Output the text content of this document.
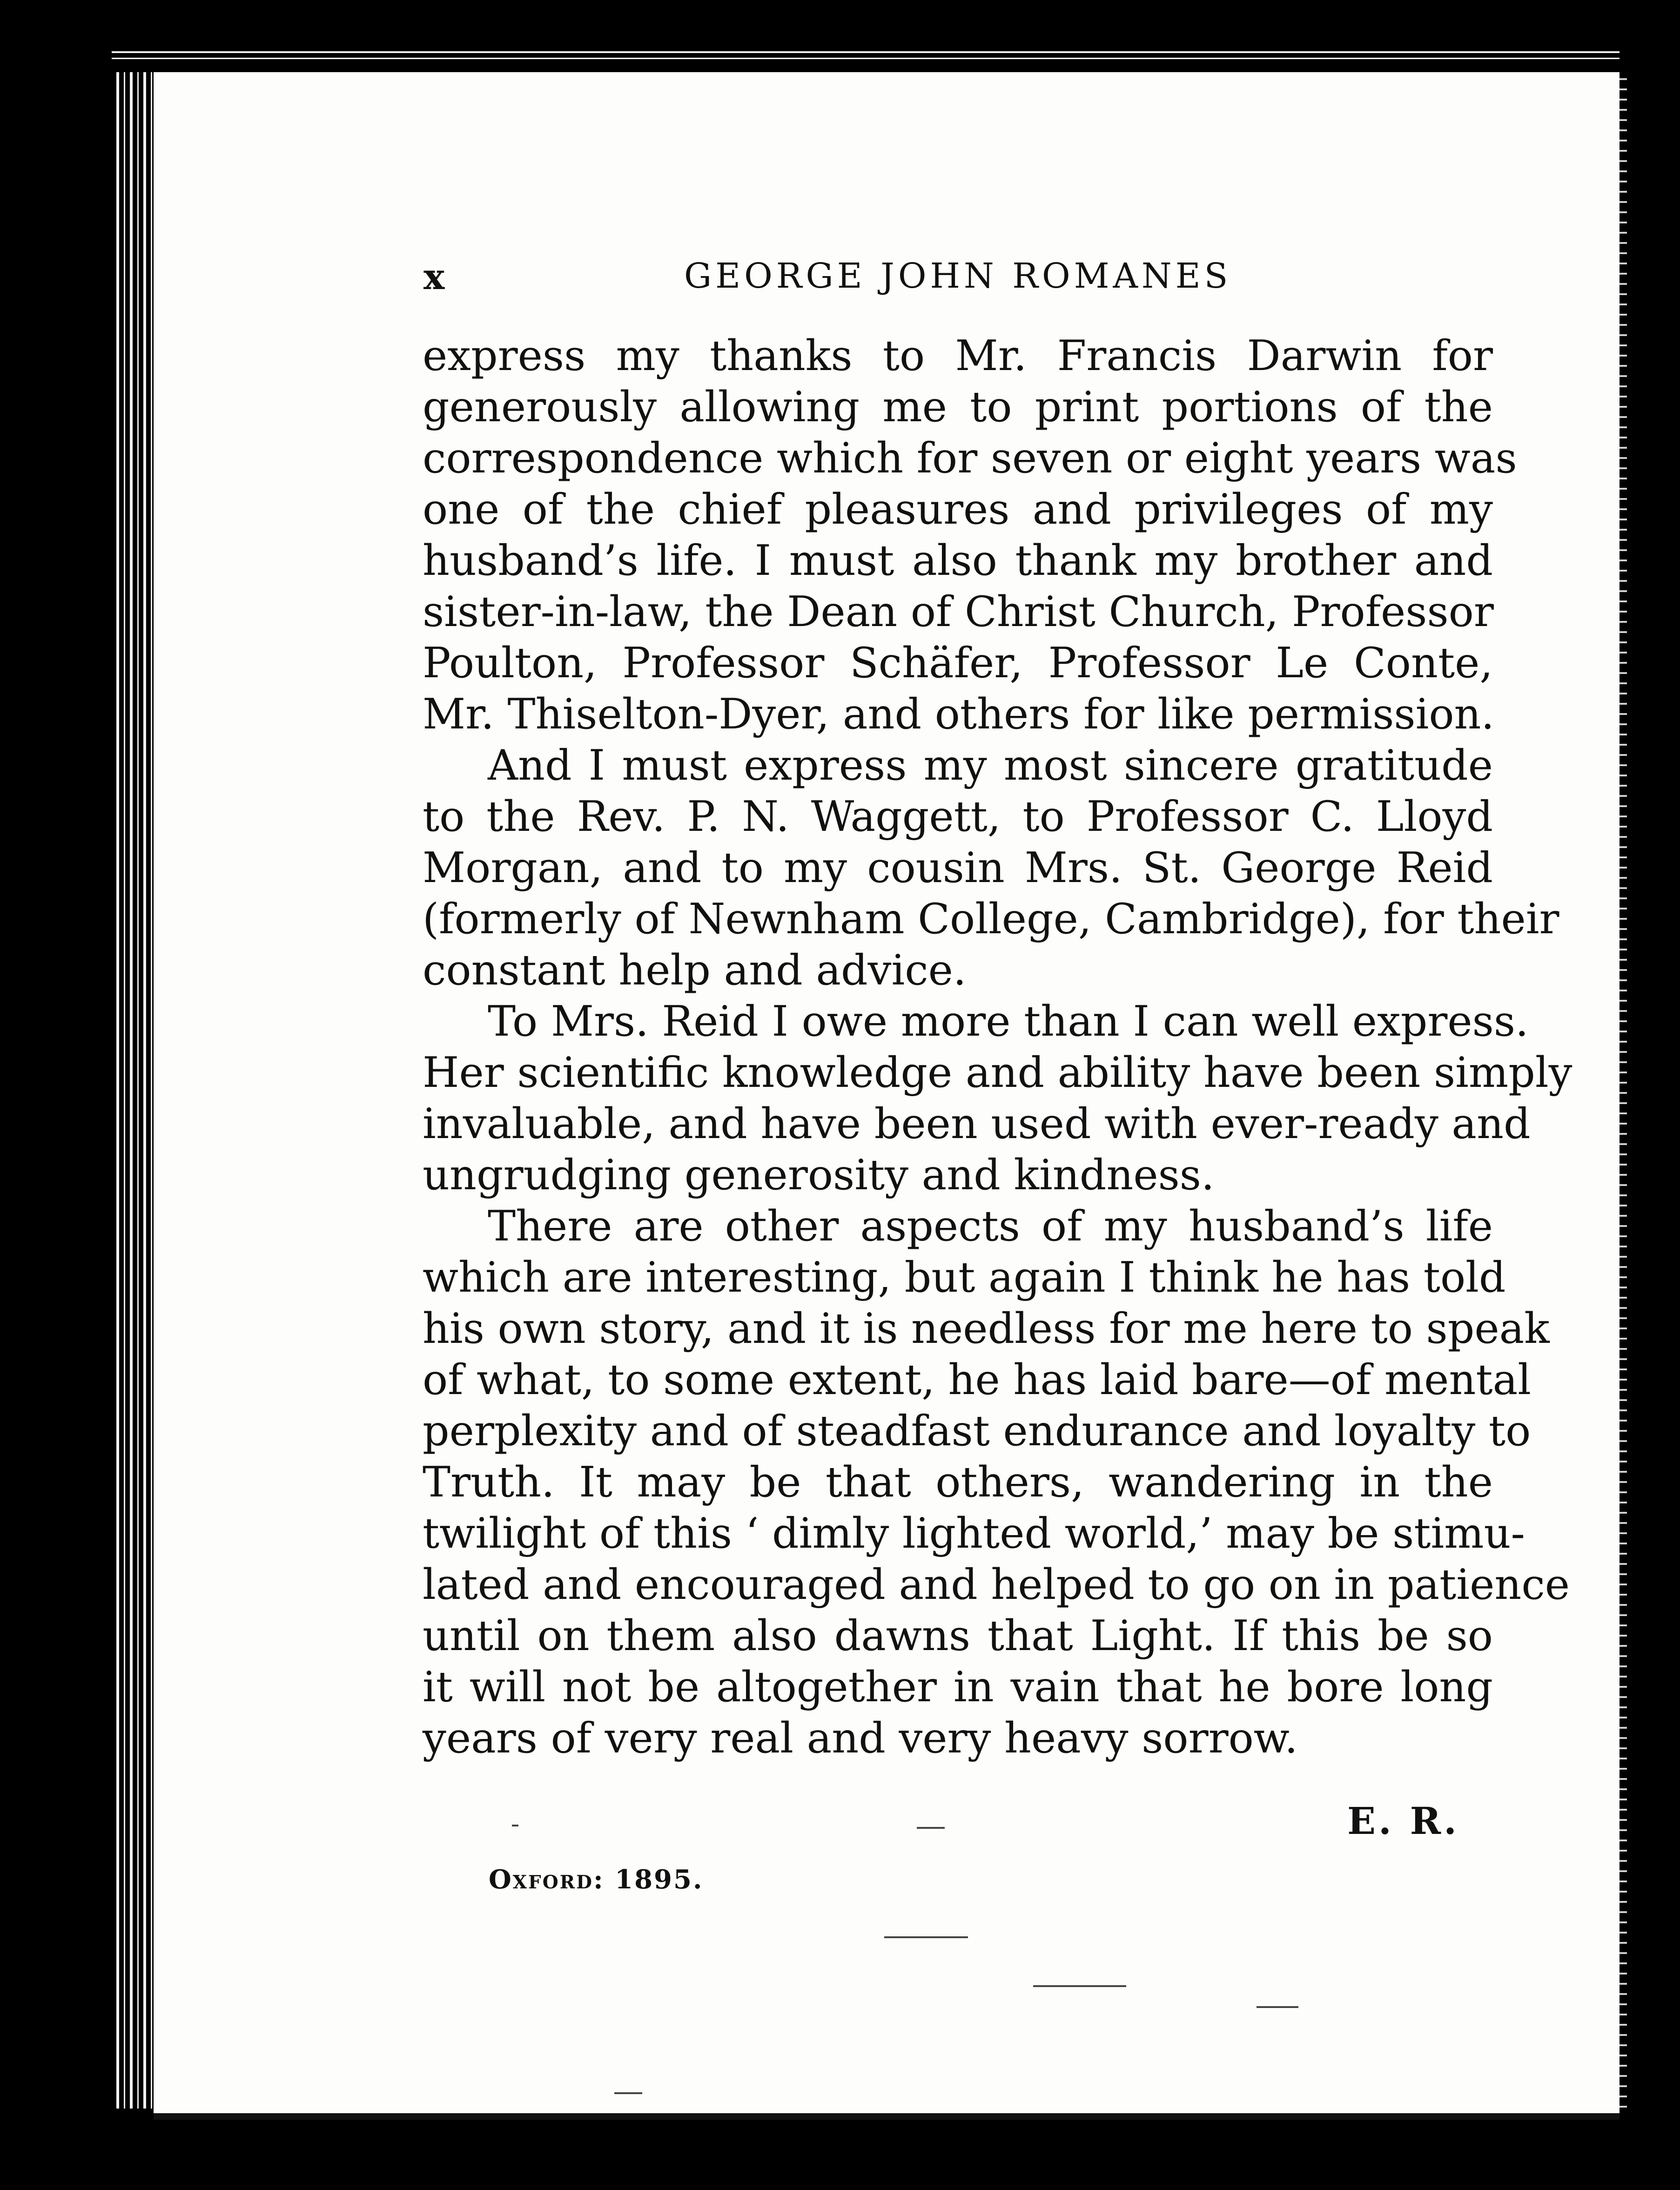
x	GEORGE JOHN ROMANES
express my thanks to Mr. Francis Darwin for
generously allowing me to print portions of the
correspondence which for seven or eight years was
one of the chief pleasures and privileges of my
husband’s life. I must also thank my brother and
sister-in-law, the Dean of Christ Church, Professor
Poulton, Professor Schäfer, Professor Le Conte,
Mr. Thiselton-Dyer, and others for like permission.
And I must express my most sincere gratitude
to the Rev. P. N. Waggett, to Professor C. Lloyd
Morgan, and to my cousin Mrs. St. George Reid
(formerly of Newnham College, Cambridge), for their
constant help and advice.
To Mrs. Reid I owe more than I can well express.
Her scientific knowledge and ability have been simply
invaluable, and have been used with ever-ready and
ungrudging generosity and kindness.
There are other aspects of my husband’s life
which are interesting, but again I think he has told
his own story, and it is needless for me here to speak
of what, to some extent, he has laid bare—of mental
perplexity and of steadfast endurance and loyalty to
Truth. It may be that others, wandering in the
twilight of this ‘ dimly lighted world,’ may be stimu-
lated and encouraged and helped to go on in patience
until on them also dawns that Light. If this be so
it will not be altogether in vain that he bore long
years of very real and very heavy sorrow.
E. R.
Oxford: 1895.
